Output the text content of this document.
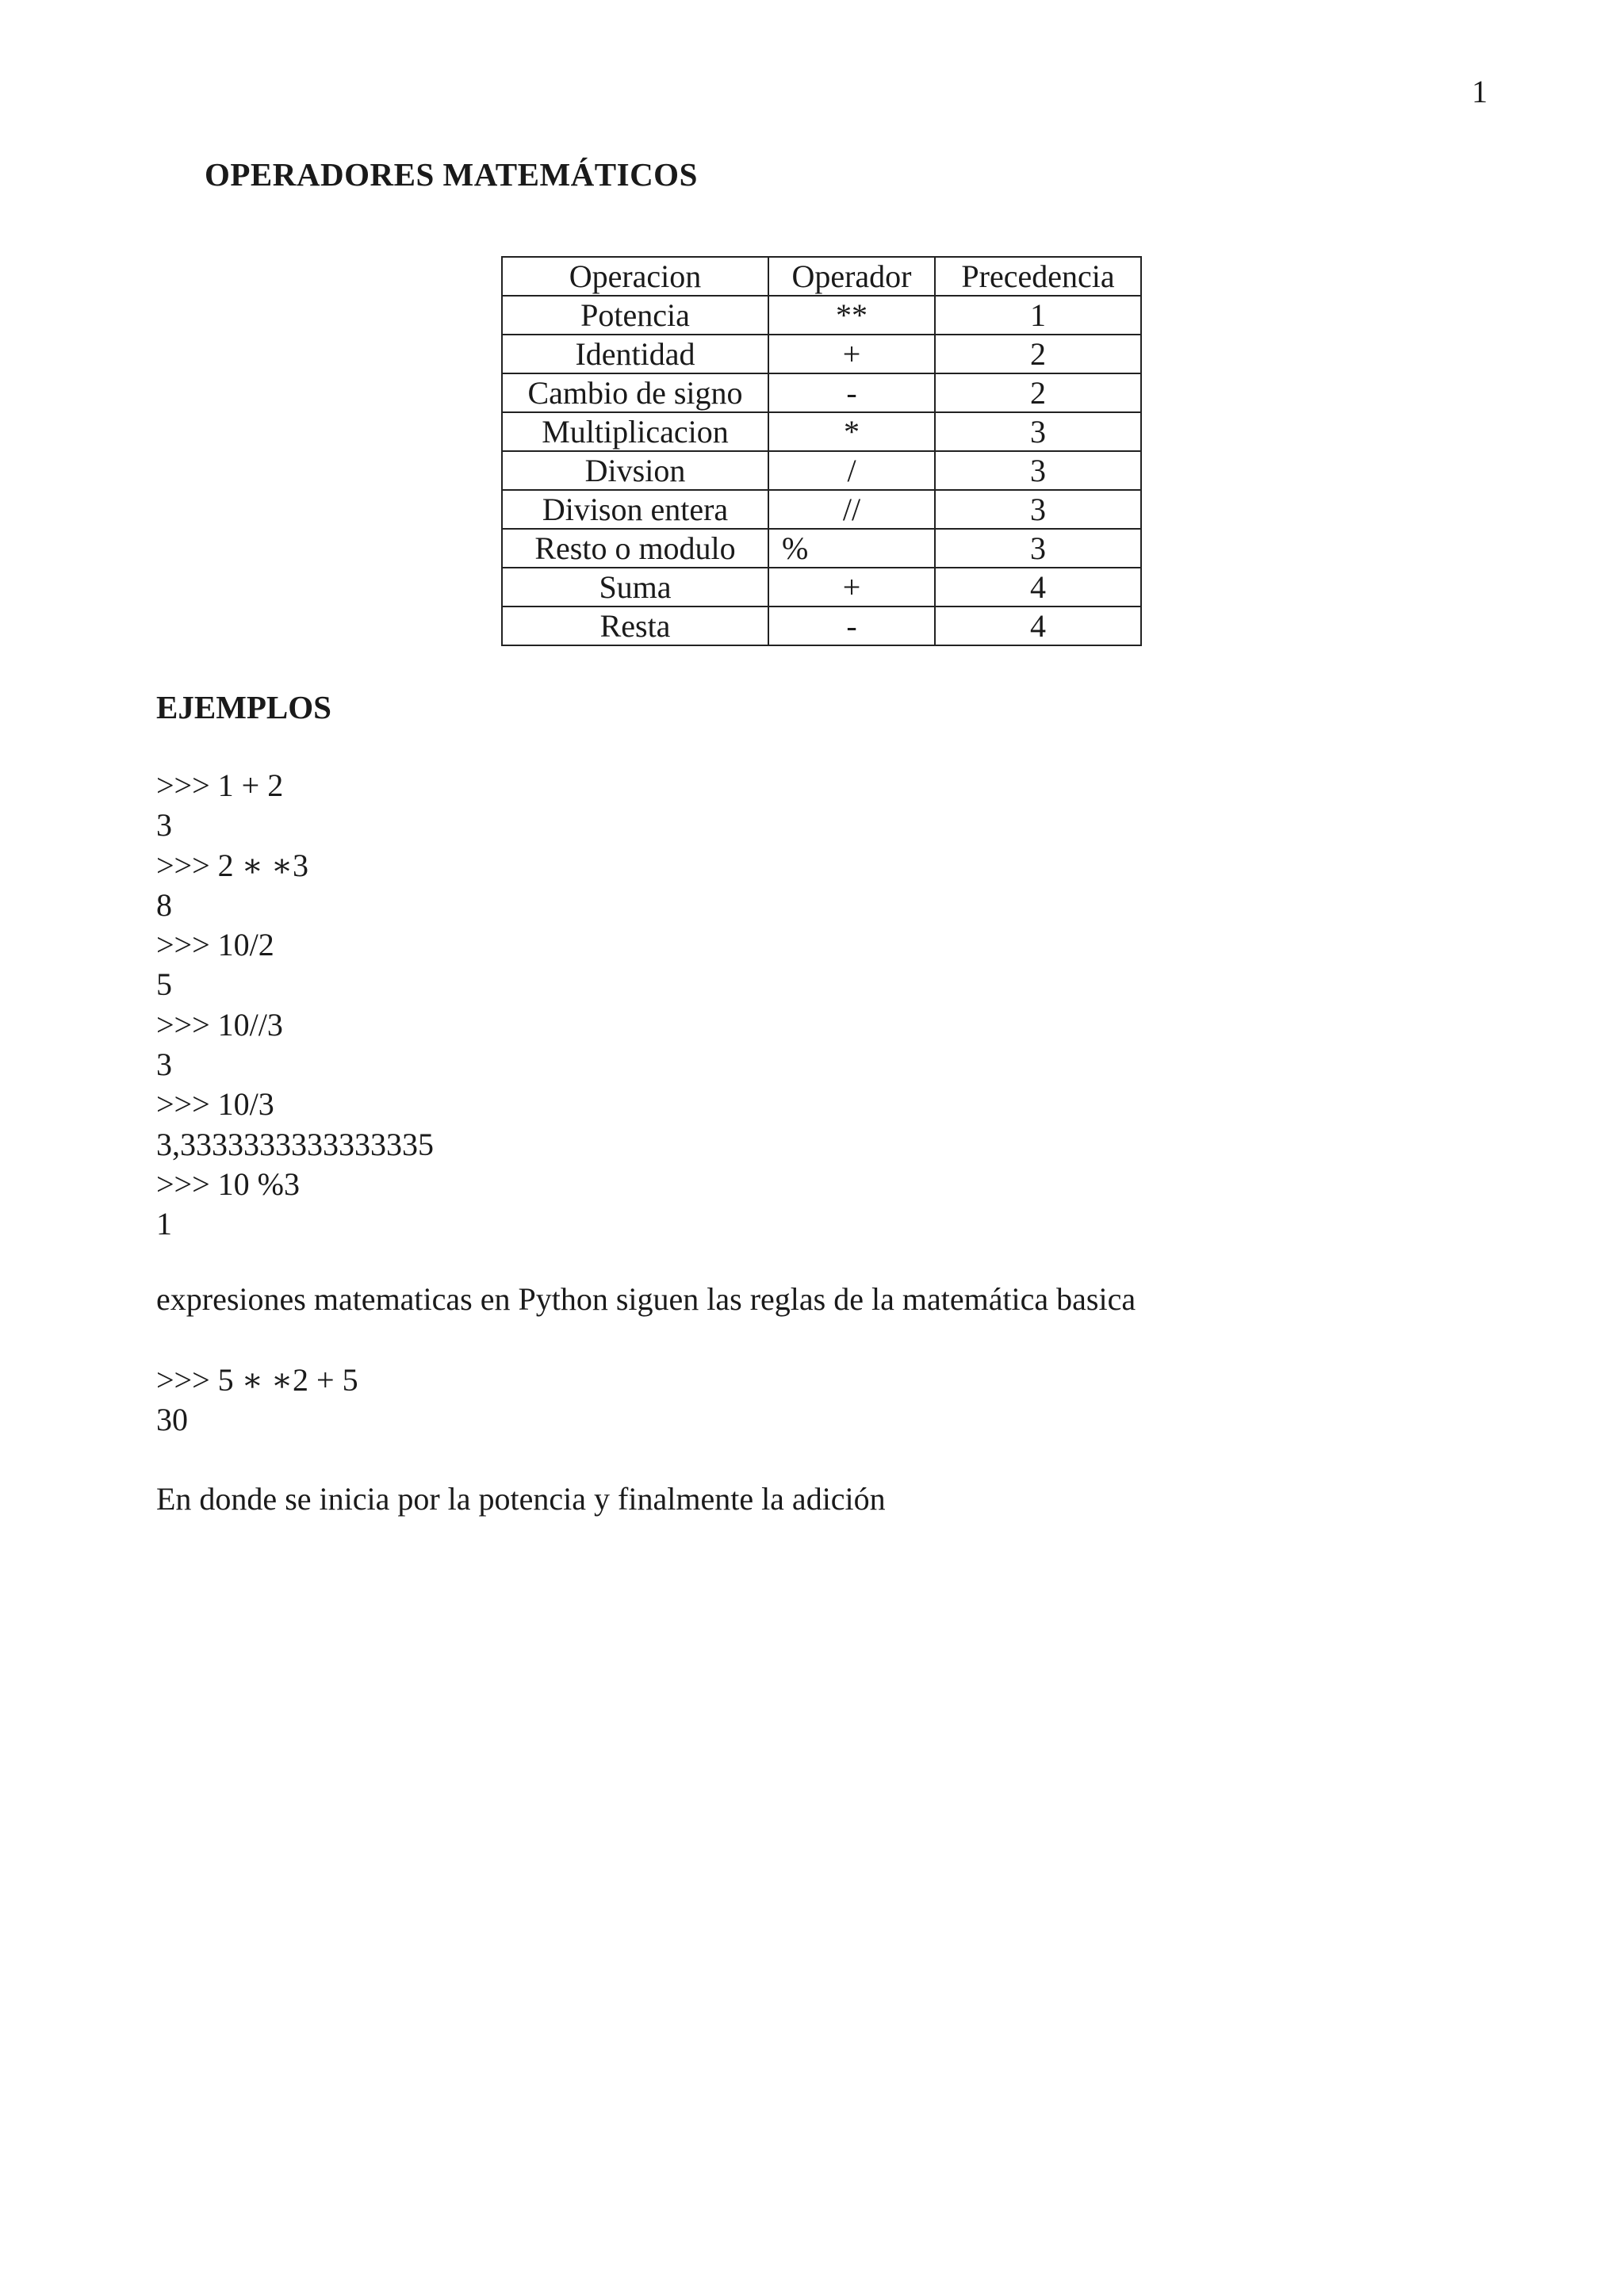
1
OPERADORES MATEMÁTICOS
Operacion	Operador	Precedencia
Potencia	**	1
Identidad	+	2
Cambio de signo	-	2
Multiplicacion	*	3
Divsion	/	3
Divison entera	//	3
Resto o modulo	%	3
Suma	+	4
Resta	-	4
EJEMPLOS
>>> 1 + 2
3
>>> 2 ∗ ∗3
8
>>> 10/2
5
>>> 10//3
3
>>> 10/3
3,3333333333333335
>>> 10 %3
1
expresiones matematicas en Python siguen las reglas de la matemática basica
>>> 5 ∗ ∗2 + 5
30
En donde se inicia por la potencia y finalmente la adición
